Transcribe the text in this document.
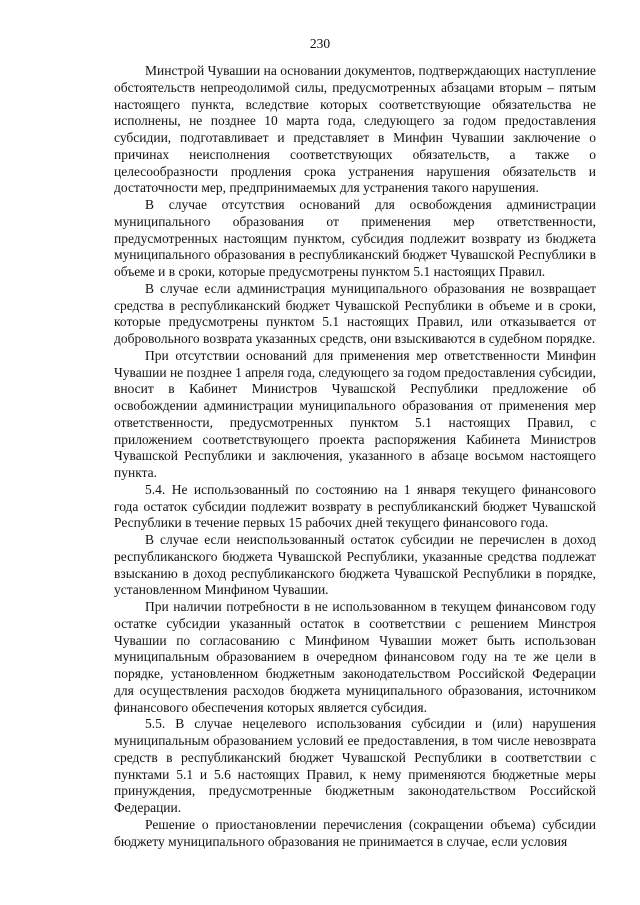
230

Минстрой Чувашии на основании документов, подтверждающих наступление обстоятельств непреодолимой силы, предусмотренных абзацами вторым – пятым настоящего пункта, вследствие которых соответствующие обязательства не исполнены, не позднее 10 марта года, следующего за годом предоставления субсидии, подготавливает и представляет в Минфин Чувашии заключение о причинах неисполнения соответствующих обязательств, а также о целесообразности продления срока устранения нарушения обязательств и достаточности мер, предпринимаемых для устранения такого нарушения.

В случае отсутствия оснований для освобождения администрации муниципального образования от применения мер ответственности, предусмотренных настоящим пунктом, субсидия подлежит возврату из бюджета муниципального образования в республиканский бюджет Чувашской Республики в объеме и в сроки, которые предусмотрены пунктом 5.1 настоящих Правил.

В случае если администрация муниципального образования не возвращает средства в республиканский бюджет Чувашской Республики в объеме и в сроки, которые предусмотрены пунктом 5.1 настоящих Правил, или отказывается от добровольного возврата указанных средств, они взыскиваются в судебном порядке.

При отсутствии оснований для применения мер ответственности Минфин Чувашии не позднее 1 апреля года, следующего за годом предоставления субсидии, вносит в Кабинет Министров Чувашской Республики предложение об освобождении администрации муниципального образования от применения мер ответственности, предусмотренных пунктом 5.1 настоящих Правил, с приложением соответствующего проекта распоряжения Кабинета Министров Чувашской Республики и заключения, указанного в абзаце восьмом настоящего пункта.

5.4. Не использованный по состоянию на 1 января текущего финансового года остаток субсидии подлежит возврату в республиканский бюджет Чувашской Республики в течение первых 15 рабочих дней текущего финансового года.

В случае если неиспользованный остаток субсидии не перечислен в доход республиканского бюджета Чувашской Республики, указанные средства подлежат взысканию в доход республиканского бюджета Чувашской Республики в порядке, установленном Минфином Чувашии.

При наличии потребности в не использованном в текущем финансовом году остатке субсидии указанный остаток в соответствии с решением Минстроя Чувашии по согласованию с Минфином Чувашии может быть использован муниципальным образованием в очередном финансовом году на те же цели в порядке, установленном бюджетным законодательством Российской Федерации для осуществления расходов бюджета муниципального образования, источником финансового обеспечения которых является субсидия.

5.5. В случае нецелевого использования субсидии и (или) нарушения муниципальным образованием условий ее предоставления, в том числе невозврата средств в республиканский бюджет Чувашской Республики в соответствии с пунктами 5.1 и 5.6 настоящих Правил, к нему применяются бюджетные меры принуждения, предусмотренные бюджетным законодательством Российской Федерации.

Решение о приостановлении перечисления (сокращении объема) субсидии бюджету муниципального образования не принимается в случае, если условия
